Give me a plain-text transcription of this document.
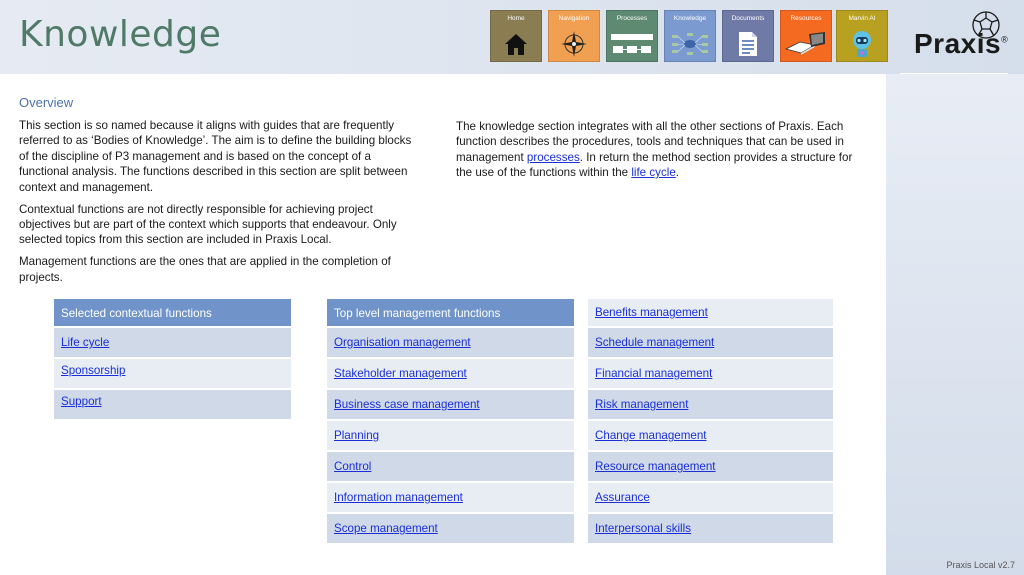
Knowledge	Home	Navigation	Processes	Knowledge	Documents	Resources	Marvin AI
Praxis®
Praxis Local v2.7
Overview

This section is so named because it aligns with guides that are frequently referred to as ‘Bodies of Knowledge’. The aim is to define the building blocks of the discipline of P3 management and is based on the concept of a functional analysis. The functions described in this section are split between context and management.

Contextual functions are not directly responsible for achieving project objectives but are part of the context which supports that endeavour. Only selected topics from this section are included in Praxis Local.

Management functions are the ones that are applied in the completion of projects.

The knowledge section integrates with all the other sections of Praxis. Each function describes the procedures, tools and techniques that can be used in management processes. In return the method section provides a structure for the use of the functions within the life cycle.
Selected contextual functions
Life cycle
Sponsorship
Support
Top level management functions
Organisation management
Stakeholder management
Business case management
Planning
Control
Information management
Scope management
Benefits management
Schedule management
Financial management
Risk management
Change management
Resource management
Assurance
Interpersonal skills
